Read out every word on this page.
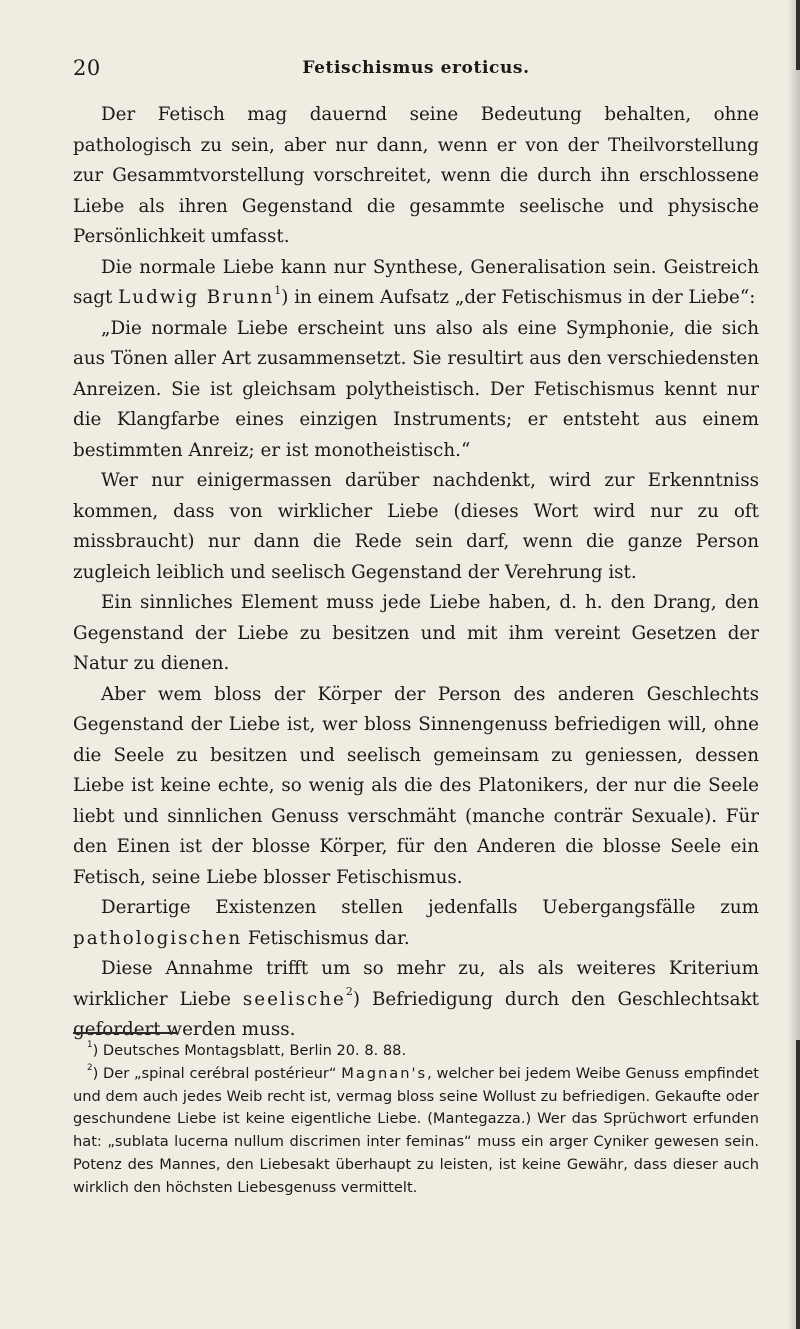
20	Fetischismus eroticus.

Der Fetisch mag dauernd seine Bedeutung behalten, ohne pathologisch zu sein, aber nur dann, wenn er von der Theilvorstellung zur Gesammtvorstellung vorschreitet, wenn die durch ihn erschlossene Liebe als ihren Gegenstand die gesammte seelische und physische Persönlichkeit umfasst.

Die normale Liebe kann nur Synthese, Generalisation sein. Geistreich sagt Ludwig Brunn$^1$) in einem Aufsatz „der Fetischismus in der Liebe“:

„Die normale Liebe erscheint uns also als eine Symphonie, die sich aus Tönen aller Art zusammensetzt. Sie resultirt aus den verschiedensten Anreizen. Sie ist gleichsam polytheistisch. Der Fetischismus kennt nur die Klangfarbe eines einzigen Instruments; er entsteht aus einem bestimmten Anreiz; er ist monotheistisch.“

Wer nur einigermassen darüber nachdenkt, wird zur Erkenntniss kommen, dass von wirklicher Liebe (dieses Wort wird nur zu oft missbraucht) nur dann die Rede sein darf, wenn die ganze Person zugleich leiblich und seelisch Gegenstand der Verehrung ist.

Ein sinnliches Element muss jede Liebe haben, d. h. den Drang, den Gegenstand der Liebe zu besitzen und mit ihm vereint Gesetzen der Natur zu dienen.

Aber wem bloss der Körper der Person des anderen Geschlechts Gegenstand der Liebe ist, wer bloss Sinnengenuss befriedigen will, ohne die Seele zu besitzen und seelisch gemeinsam zu geniessen, dessen Liebe ist keine echte, so wenig als die des Platonikers, der nur die Seele liebt und sinnlichen Genuss verschmäht (manche conträr Sexuale). Für den Einen ist der blosse Körper, für den Anderen die blosse Seele ein Fetisch, seine Liebe blosser Fetischismus.

Derartige Existenzen stellen jedenfalls Uebergangsfälle zum pathologischen Fetischismus dar.

Diese Annahme trifft um so mehr zu, als als weiteres Kriterium wirklicher Liebe seelische$^2$) Befriedigung durch den Geschlechtsakt gefordert werden muss.

$^1$) Deutsches Montagsblatt, Berlin 20. 8. 88.

$^2$) Der „spinal cerébral postérieur“ Magnan's, welcher bei jedem Weibe Genuss empfindet und dem auch jedes Weib recht ist, vermag bloss seine Wollust zu befriedigen. Gekaufte oder geschundene Liebe ist keine eigentliche Liebe. (Mantegazza.) Wer das Sprüchwort erfunden hat: „sublata lucerna nullum discrimen inter feminas“ muss ein arger Cyniker gewesen sein. Potenz des Mannes, den Liebesakt überhaupt zu leisten, ist keine Gewähr, dass dieser auch wirklich den höchsten Liebesgenuss vermittelt.
